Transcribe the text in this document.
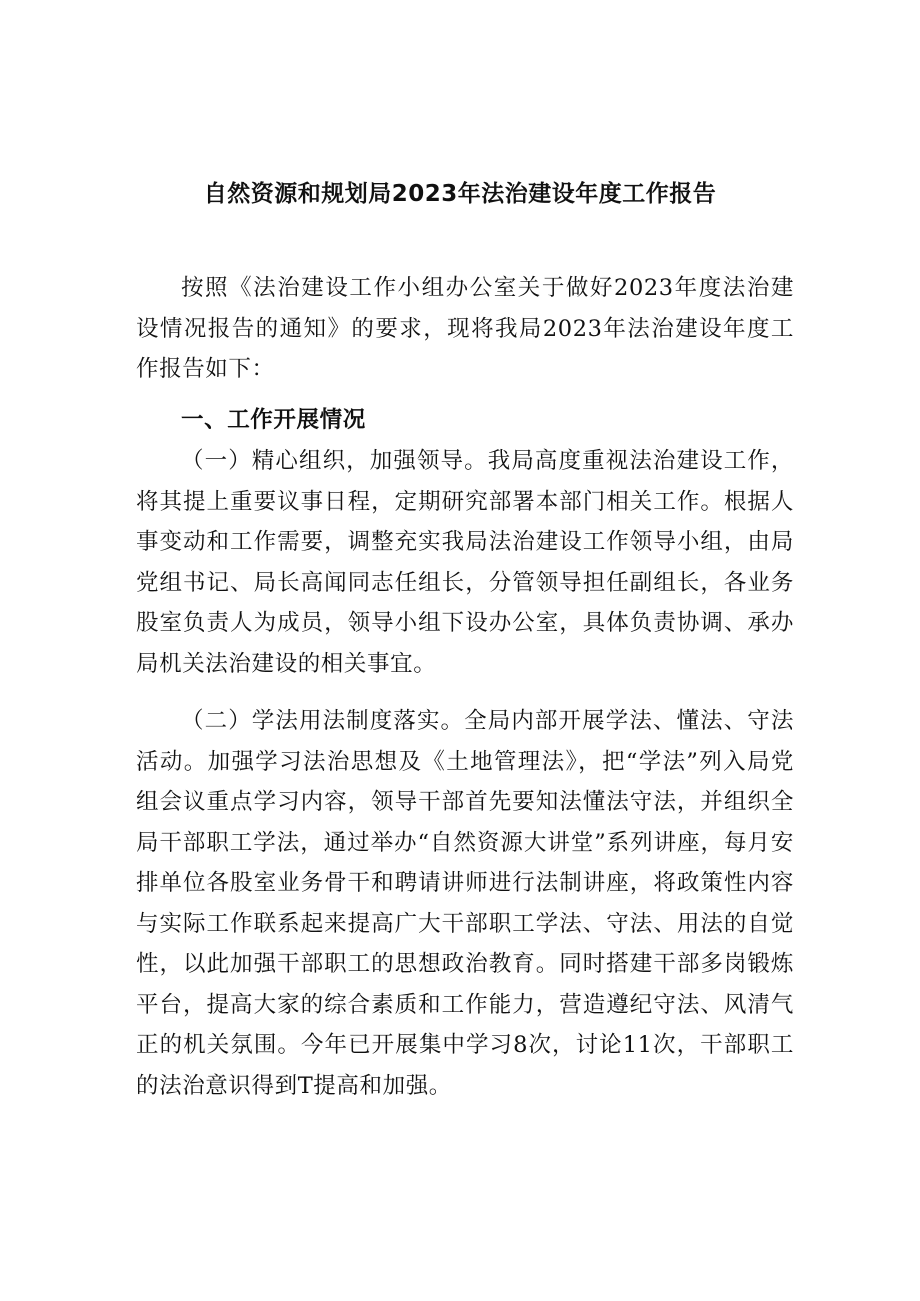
自然资源和规划局2023年法治建设年度工作报告

按照《法治建设工作小组办公室关于做好2023年度法治建设情况报告的通知》的要求，现将我局2023年法治建设年度工作报告如下：

一、工作开展情况

（一）精心组织，加强领导。我局高度重视法治建设工作，将其提上重要议事日程，定期研究部署本部门相关工作。根据人事变动和工作需要，调整充实我局法治建设工作领导小组，由局党组书记、局长高闻同志任组长，分管领导担任副组长，各业务股室负责人为成员，领导小组下设办公室，具体负责协调、承办局机关法治建设的相关事宜。

（二）学法用法制度落实。全局内部开展学法、懂法、守法活动。加强学习法治思想及《土地管理法》，把“学法”列入局党组会议重点学习内容，领导干部首先要知法懂法守法，并组织全局干部职工学法，通过举办“自然资源大讲堂”系列讲座，每月安排单位各股室业务骨干和聘请讲师进行法制讲座，将政策性内容与实际工作联系起来提高广大干部职工学法、守法、用法的自觉性，以此加强干部职工的思想政治教育。同时搭建干部多岗锻炼平台，提高大家的综合素质和工作能力，营造遵纪守法、风清气正的机关氛围。今年已开展集中学习8次，讨论11次，干部职工的法治意识得到T提高和加强。
